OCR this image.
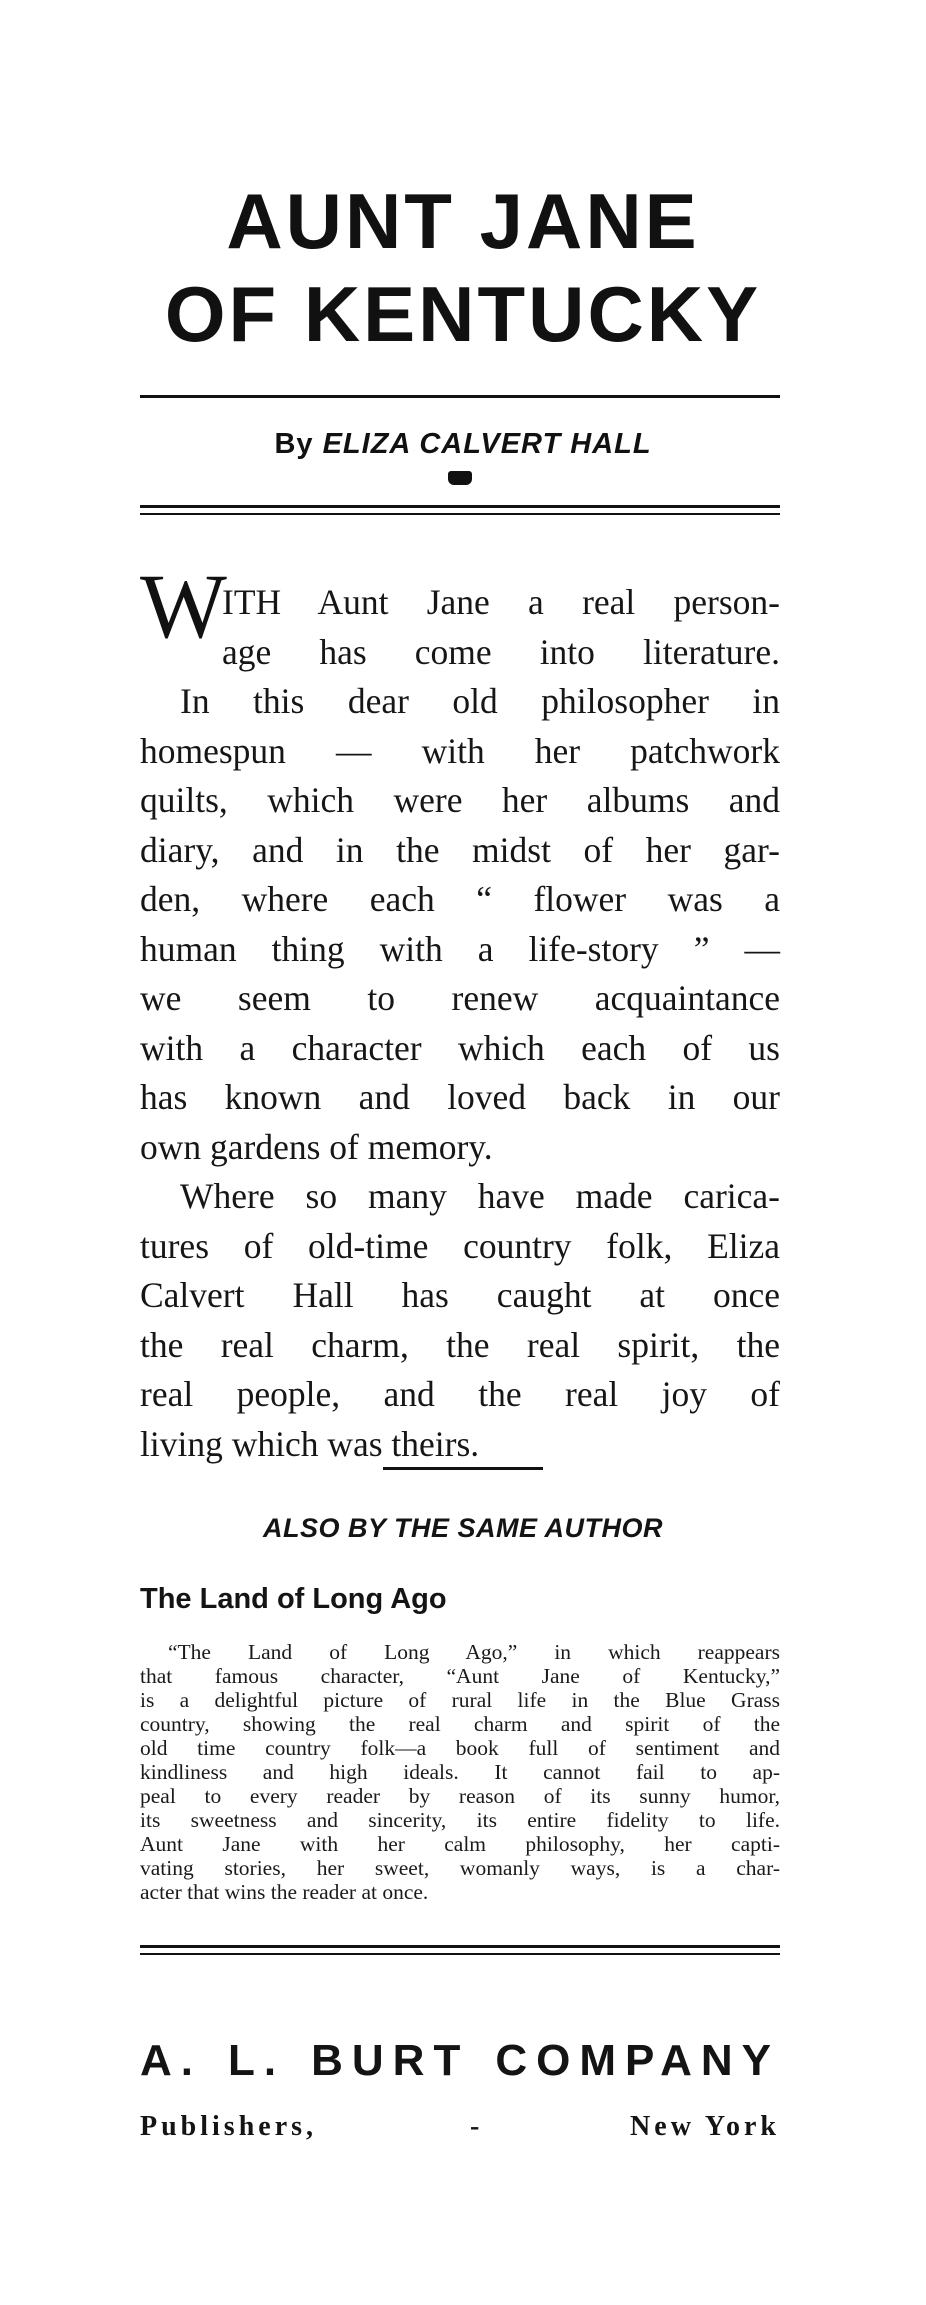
AUNT JANE
OF KENTUCKY
By ELIZA CALVERT HALL
W
ITH Aunt Jane a real person-
age has come into literature.
In this dear old philosopher in
homespun — with her patchwork
quilts, which were her albums and
diary, and in the midst of her gar-
den, where each “ flower was a
human thing with a life-story ” —
we seem to renew acquaintance
with a character which each of us
has known and loved back in our
own gardens of memory.
Where so many have made carica-
tures of old-time country folk, Eliza
Calvert Hall has caught at once
the real charm, the real spirit, the
real people, and the real joy of
living which was theirs.
ALSO BY THE SAME AUTHOR
The Land of Long Ago
“The Land of Long Ago,” in which reappears
that famous character, “Aunt Jane of Kentucky,”
is a delightful picture of rural life in the Blue Grass
country, showing the real charm and spirit of the
old time country folk—a book full of sentiment and
kindliness and high ideals. It cannot fail to ap-
peal to every reader by reason of its sunny humor,
its sweetness and sincerity, its entire fidelity to life.
Aunt Jane with her calm philosophy, her capti-
vating stories, her sweet, womanly ways, is a char-
acter that wins the reader at once.
A. L. BURT COMPANY
Publishers,	-	New York
